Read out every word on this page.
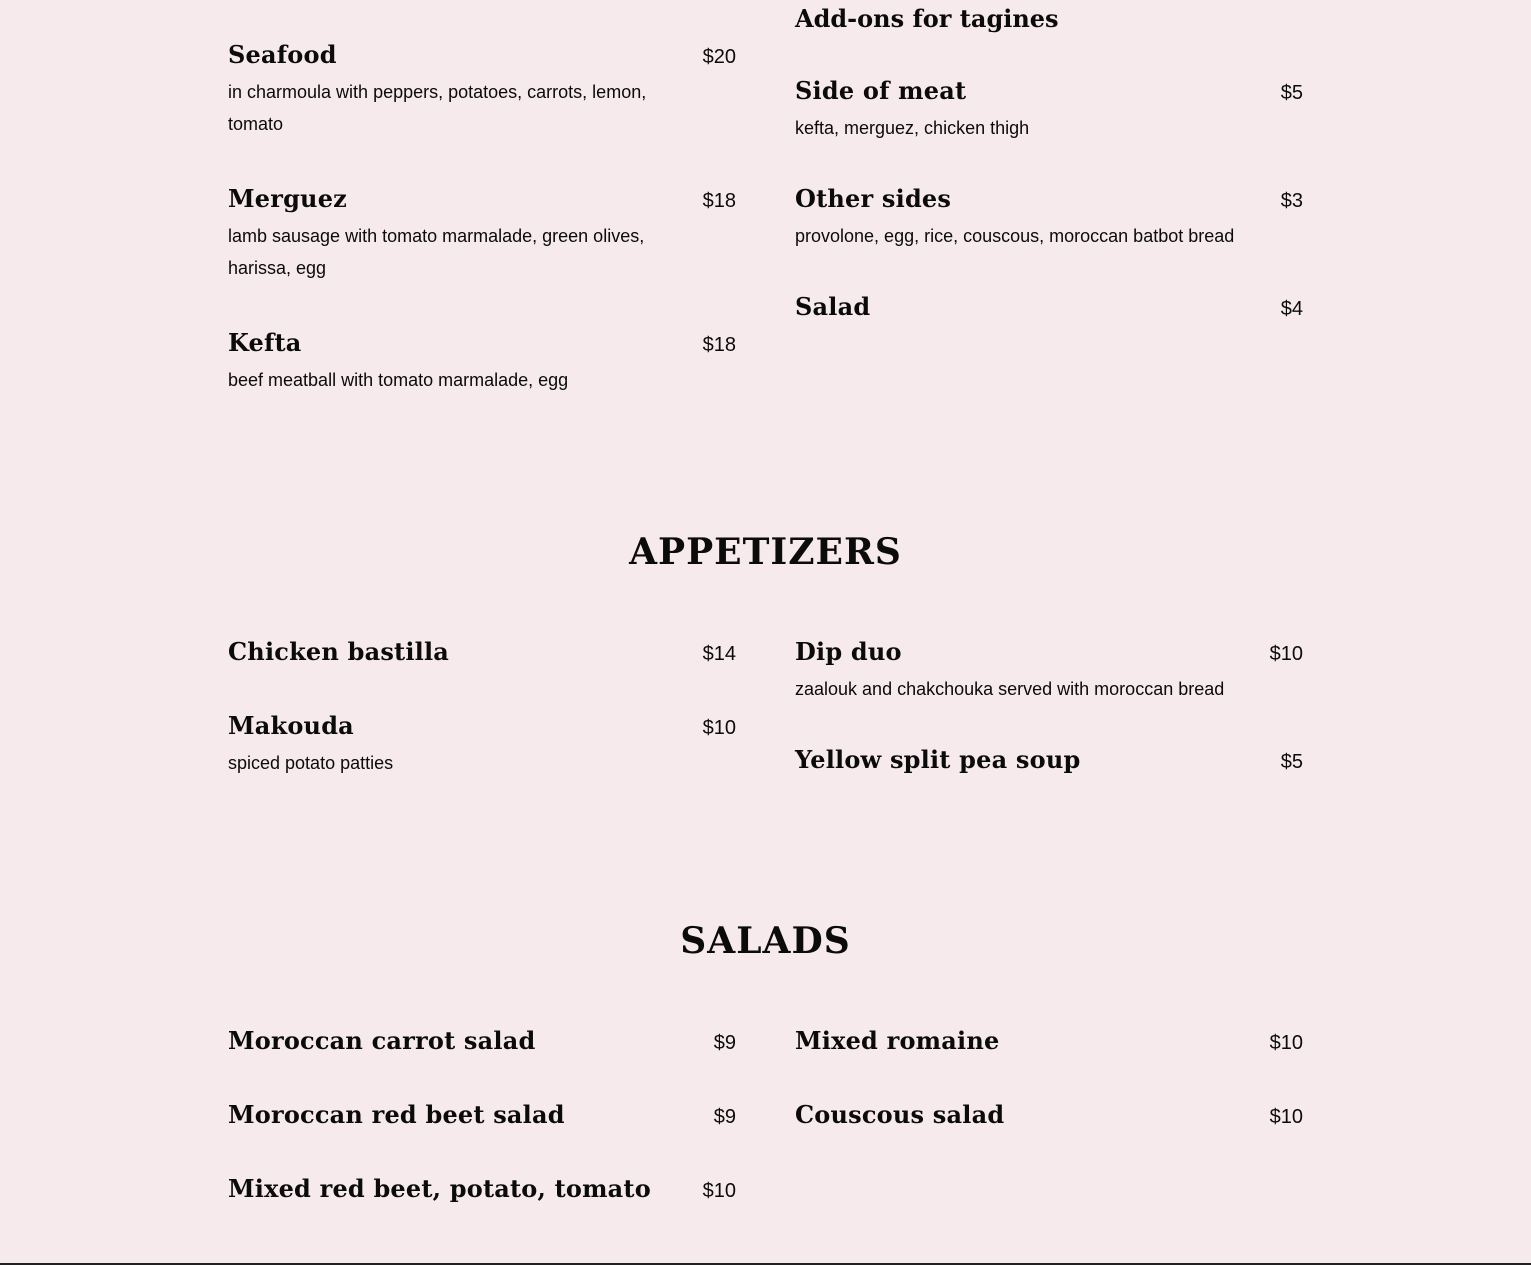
Seafood	$20
in charmoula with peppers, potatoes, carrots, lemon, tomato
Merguez	$18
lamb sausage with tomato marmalade, green olives, harissa, egg
Kefta	$18
beef meatball with tomato marmalade, egg
Add-ons for tagines
Side of meat	$5
kefta, merguez, chicken thigh
Other sides	$3
provolone, egg, rice, couscous, moroccan batbot bread
Salad	$4
APPETIZERS
Chicken bastilla	$14
Makouda	$10
spiced potato patties
Dip duo	$10
zaalouk and chakchouka served with moroccan bread
Yellow split pea soup	$5
SALADS
Moroccan carrot salad	$9
Moroccan red beet salad	$9
Mixed red beet, potato, tomato	$10
Mixed romaine	$10
Couscous salad	$10
